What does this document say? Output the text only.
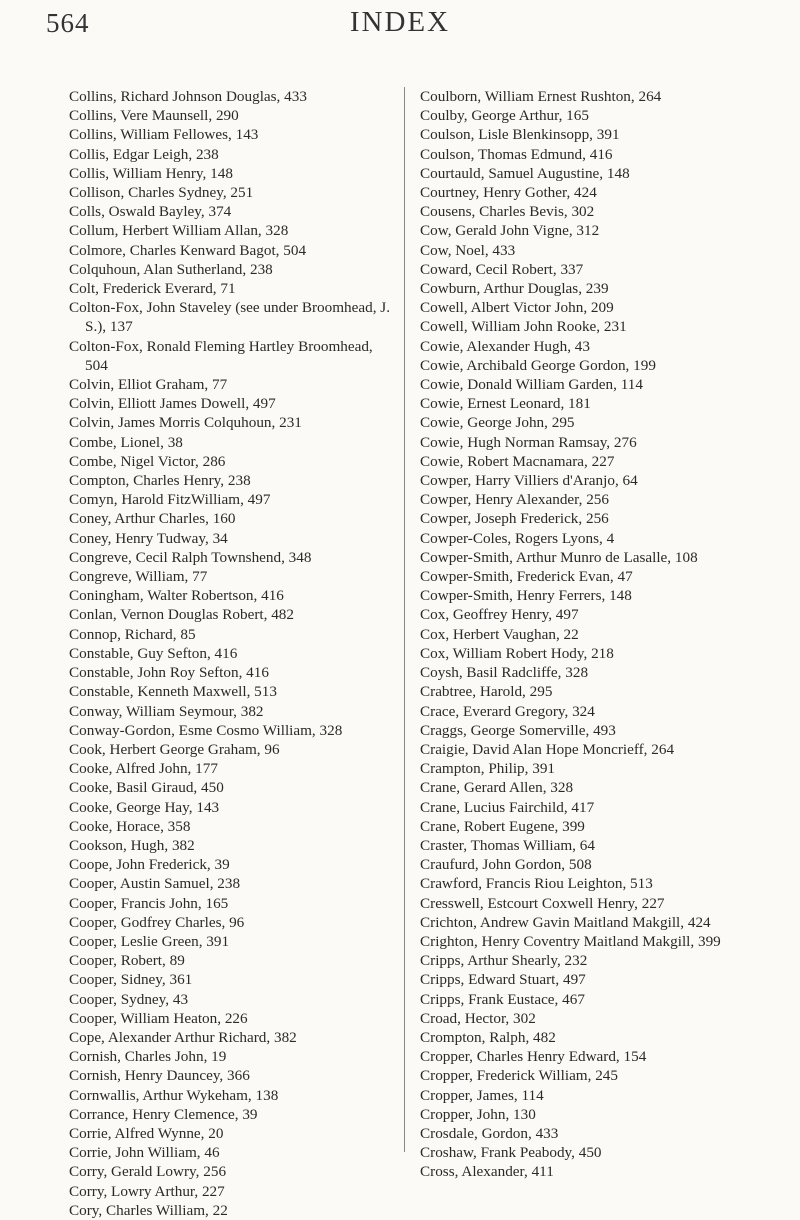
564	INDEX
Collins, Richard Johnson Douglas, 433
Collins, Vere Maunsell, 290
Collins, William Fellowes, 143
Collis, Edgar Leigh, 238
Collis, William Henry, 148
Collison, Charles Sydney, 251
Colls, Oswald Bayley, 374
Collum, Herbert William Allan, 328
Colmore, Charles Kenward Bagot, 504
Colquhoun, Alan Sutherland, 238
Colt, Frederick Everard, 71
Colton-Fox, John Staveley (see under Broomhead, J. S.), 137
Colton-Fox, Ronald Fleming Hartley Broomhead, 504
Colvin, Elliot Graham, 77
Colvin, Elliott James Dowell, 497
Colvin, James Morris Colquhoun, 231
Combe, Lionel, 38
Combe, Nigel Victor, 286
Compton, Charles Henry, 238
Comyn, Harold FitzWilliam, 497
Coney, Arthur Charles, 160
Coney, Henry Tudway, 34
Congreve, Cecil Ralph Townshend, 348
Congreve, William, 77
Coningham, Walter Robertson, 416
Conlan, Vernon Douglas Robert, 482
Connop, Richard, 85
Constable, Guy Sefton, 416
Constable, John Roy Sefton, 416
Constable, Kenneth Maxwell, 513
Conway, William Seymour, 382
Conway-Gordon, Esme Cosmo William, 328
Cook, Herbert George Graham, 96
Cooke, Alfred John, 177
Cooke, Basil Giraud, 450
Cooke, George Hay, 143
Cooke, Horace, 358
Cookson, Hugh, 382
Coope, John Frederick, 39
Cooper, Austin Samuel, 238
Cooper, Francis John, 165
Cooper, Godfrey Charles, 96
Cooper, Leslie Green, 391
Cooper, Robert, 89
Cooper, Sidney, 361
Cooper, Sydney, 43
Cooper, William Heaton, 226
Cope, Alexander Arthur Richard, 382
Cornish, Charles John, 19
Cornish, Henry Dauncey, 366
Cornwallis, Arthur Wykeham, 138
Corrance, Henry Clemence, 39
Corrie, Alfred Wynne, 20
Corrie, John William, 46
Corry, Gerald Lowry, 256
Corry, Lowry Arthur, 227
Cory, Charles William, 22
Coulborn, William Ernest Rushton, 264
Coulby, George Arthur, 165
Coulson, Lisle Blenkinsopp, 391
Coulson, Thomas Edmund, 416
Courtauld, Samuel Augustine, 148
Courtney, Henry Gother, 424
Cousens, Charles Bevis, 302
Cow, Gerald John Vigne, 312
Cow, Noel, 433
Coward, Cecil Robert, 337
Cowburn, Arthur Douglas, 239
Cowell, Albert Victor John, 209
Cowell, William John Rooke, 231
Cowie, Alexander Hugh, 43
Cowie, Archibald George Gordon, 199
Cowie, Donald William Garden, 114
Cowie, Ernest Leonard, 181
Cowie, George John, 295
Cowie, Hugh Norman Ramsay, 276
Cowie, Robert Macnamara, 227
Cowper, Harry Villiers d'Aranjo, 64
Cowper, Henry Alexander, 256
Cowper, Joseph Frederick, 256
Cowper-Coles, Rogers Lyons, 4
Cowper-Smith, Arthur Munro de Lasalle, 108
Cowper-Smith, Frederick Evan, 47
Cowper-Smith, Henry Ferrers, 148
Cox, Geoffrey Henry, 497
Cox, Herbert Vaughan, 22
Cox, William Robert Hody, 218
Coysh, Basil Radcliffe, 328
Crabtree, Harold, 295
Crace, Everard Gregory, 324
Craggs, George Somerville, 493
Craigie, David Alan Hope Moncrieff, 264
Crampton, Philip, 391
Crane, Gerard Allen, 328
Crane, Lucius Fairchild, 417
Crane, Robert Eugene, 399
Craster, Thomas William, 64
Craufurd, John Gordon, 508
Crawford, Francis Riou Leighton, 513
Cresswell, Estcourt Coxwell Henry, 227
Crichton, Andrew Gavin Maitland Makgill, 424
Crighton, Henry Coventry Maitland Makgill, 399
Cripps, Arthur Shearly, 232
Cripps, Edward Stuart, 497
Cripps, Frank Eustace, 467
Croad, Hector, 302
Crompton, Ralph, 482
Cropper, Charles Henry Edward, 154
Cropper, Frederick William, 245
Cropper, James, 114
Cropper, John, 130
Crosdale, Gordon, 433
Croshaw, Frank Peabody, 450
Cross, Alexander, 411
